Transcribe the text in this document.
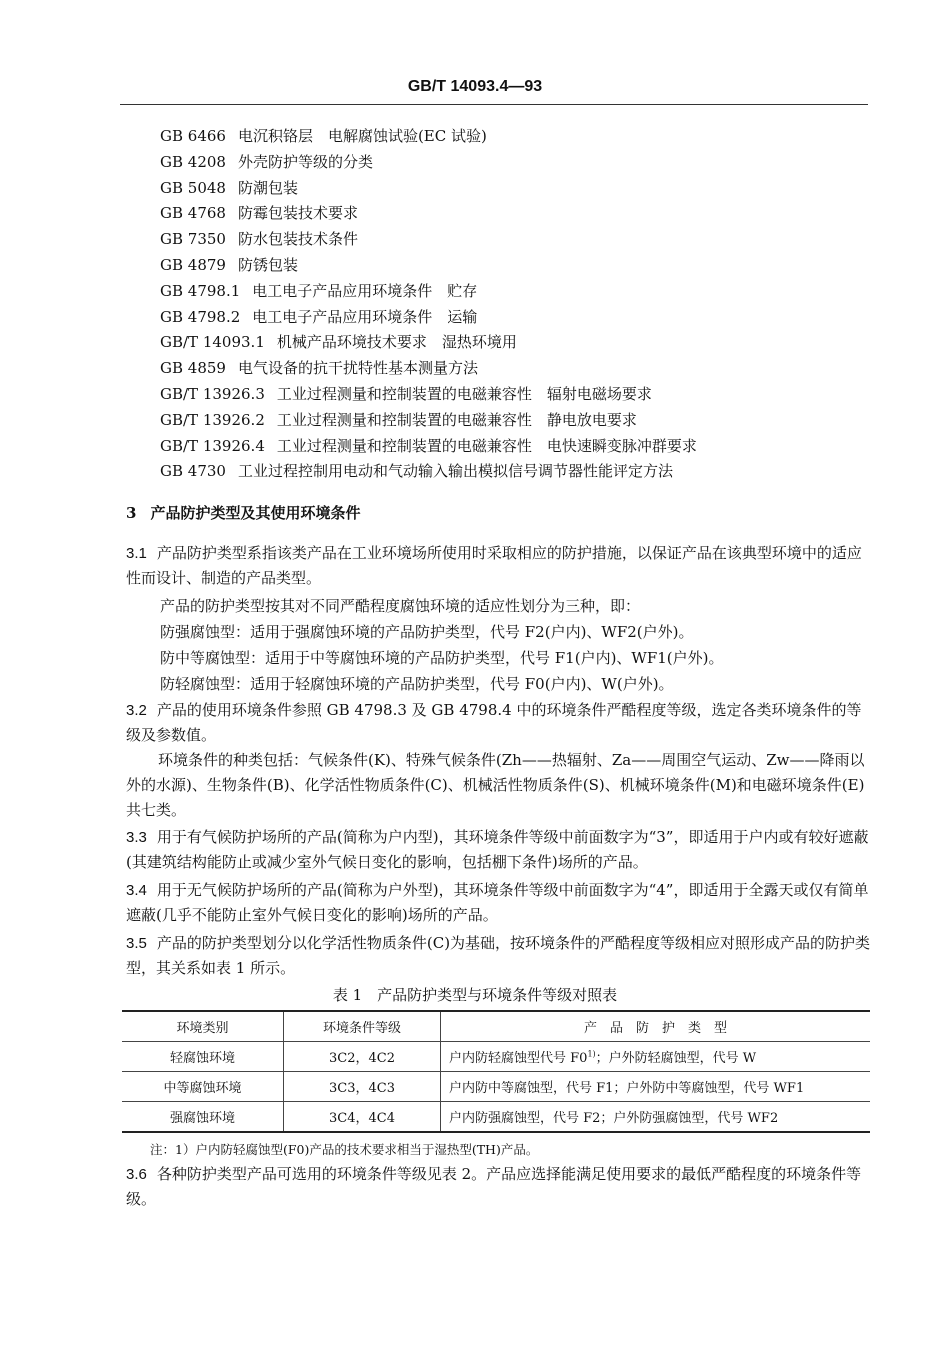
GB/T 14093.4—93
GB 6466 电沉积铬层　电解腐蚀试验(EC 试验)
GB 4208 外壳防护等级的分类
GB 5048 防潮包装
GB 4768 防霉包装技术要求
GB 7350 防水包装技术条件
GB 4879 防锈包装
GB 4798.1 电工电子产品应用环境条件　贮存
GB 4798.2 电工电子产品应用环境条件　运输
GB/T 14093.1 机械产品环境技术要求　湿热环境用
GB 4859 电气设备的抗干扰特性基本测量方法
GB/T 13926.3 工业过程测量和控制装置的电磁兼容性　辐射电磁场要求
GB/T 13926.2 工业过程测量和控制装置的电磁兼容性　静电放电要求
GB/T 13926.4 工业过程测量和控制装置的电磁兼容性　电快速瞬变脉冲群要求
GB 4730 工业过程控制用电动和气动输入输出模拟信号调节器性能评定方法
3 产品防护类型及其使用环境条件
3.1 产品防护类型系指该类产品在工业环境场所使用时采取相应的防护措施，以保证产品在该典型环境中的适应性而设计、制造的产品类型。
产品的防护类型按其对不同严酷程度腐蚀环境的适应性划分为三种，即：
防强腐蚀型：适用于强腐蚀环境的产品防护类型，代号 F2(户内)、WF2(户外)。
防中等腐蚀型：适用于中等腐蚀环境的产品防护类型，代号 F1(户内)、WF1(户外)。
防轻腐蚀型：适用于轻腐蚀环境的产品防护类型，代号 F0(户内)、W(户外)。
3.2 产品的使用环境条件参照 GB 4798.3 及 GB 4798.4 中的环境条件严酷程度等级，选定各类环境条件的等级及参数值。
环境条件的种类包括：气候条件(K)、特殊气候条件(Zh——热辐射、Za——周围空气运动、Zw——降雨以外的水源)、生物条件(B)、化学活性物质条件(C)、机械活性物质条件(S)、机械环境条件(M)和电磁环境条件(E)共七类。
3.3 用于有气候防护场所的产品(简称为户内型)，其环境条件等级中前面数字为“3”，即适用于户内或有较好遮蔽(其建筑结构能防止或减少室外气候日变化的影响，包括棚下条件)场所的产品。
3.4 用于无气候防护场所的产品(简称为户外型)，其环境条件等级中前面数字为“4”，即适用于全露天或仅有简单遮蔽(几乎不能防止室外气候日变化的影响)场所的产品。
3.5 产品的防护类型划分以化学活性物质条件(C)为基础，按环境条件的严酷程度等级相应对照形成产品的防护类型，其关系如表 1 所示。
表 1　产品防护类型与环境条件等级对照表
环境类别	环境条件等级	产　品　防　护　类　型
轻腐蚀环境	3C2，4C2	户内防轻腐蚀型代号 F0$^{1)}$；户外防轻腐蚀型，代号 W
中等腐蚀环境	3C3，4C3	户内防中等腐蚀型，代号 F1；户外防中等腐蚀型，代号 WF1
强腐蚀环境	3C4，4C4	户内防强腐蚀型，代号 F2；户外防强腐蚀型，代号 WF2
注：1）户内防轻腐蚀型(F0)产品的技术要求相当于湿热型(TH)产品。
3.6 各种防护类型产品可选用的环境条件等级见表 2。产品应选择能满足使用要求的最低严酷程度的环境条件等级。
